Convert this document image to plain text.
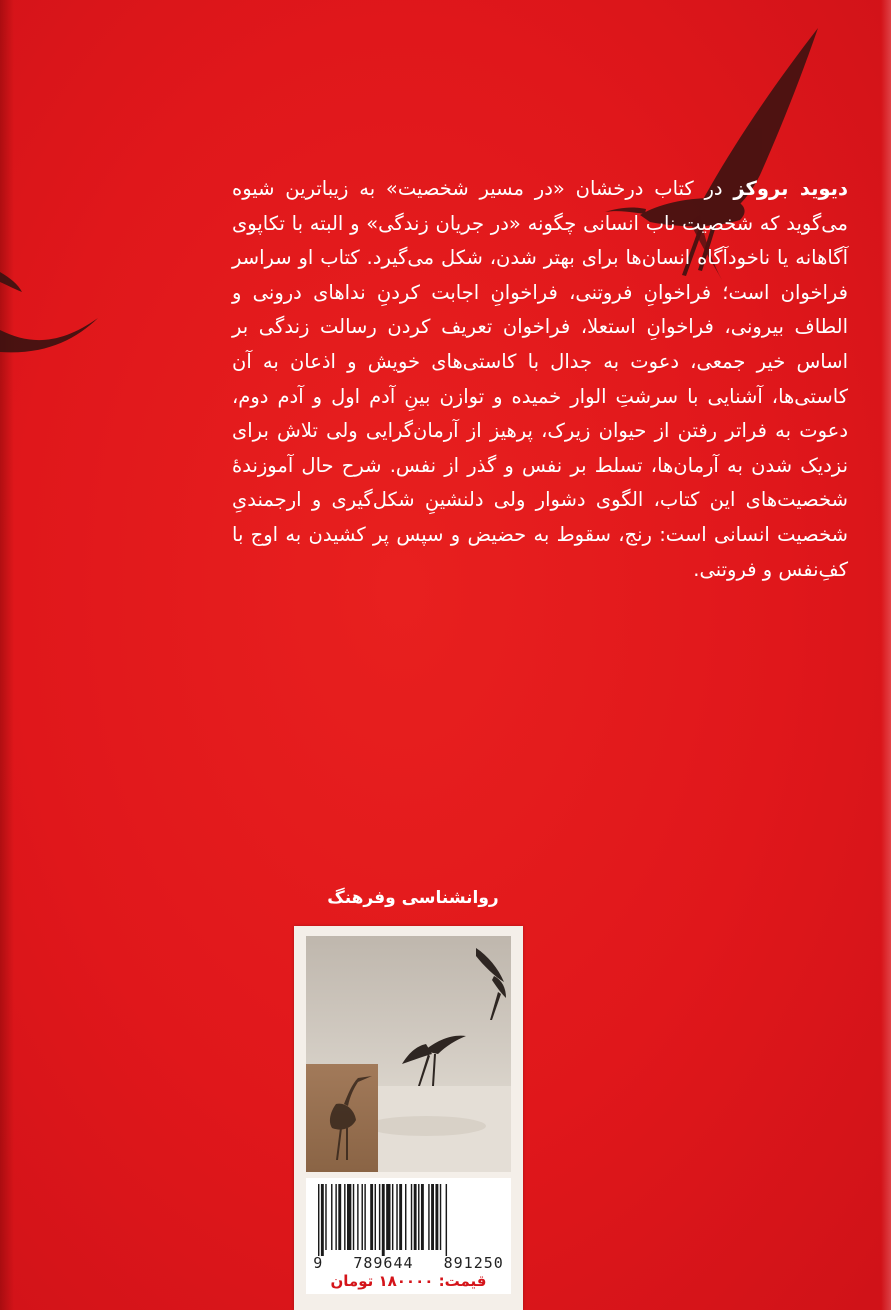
دیوید بروکز در کتاب درخشان «در مسیر شخصیت» به زیباترین شیوه می‌گوید که شخصیت ناب انسانی چگونه «در جریان زندگی» و البته با تکاپوی آگاهانه یا ناخودآگاه انسان‌ها برای بهتر شدن، شکل می‌گیرد. کتاب او سراسر فراخوان است؛ فراخوانِ فروتنی، فراخوانِ اجابت کردنِ نداهای درونی و الطاف بیرونی، فراخوانِ استعلا، فراخوان تعریف کردن رسالت زندگی بر اساس خیر جمعی، دعوت به جدال با کاستی‌های خویش و اذعان به آن کاستی‌ها، آشنایی با سرشتِ الوار خمیده و توازن بینِ آدم اول و آدم دوم، دعوت به فراتر رفتن از حیوان زیرک، پرهیز از آرمان‌گرایی ولی تلاش برای نزدیک شدن به آرمان‌ها، تسلط بر نفس و گذر از نفس. شرح حال آموزندهٔ شخصیت‌های این کتاب، الگوی دشوار ولی دلنشینِ شکل‌گیری و ارجمندیِ شخصیت انسانی است: رنج، سقوط به حضیض و سپس پر کشیدن به اوج با کفِ‌نفس و فروتنی.

روانشناسی وفرهنگ

9   789644   891250
قیمت: ۱۸۰۰۰۰ تومان
